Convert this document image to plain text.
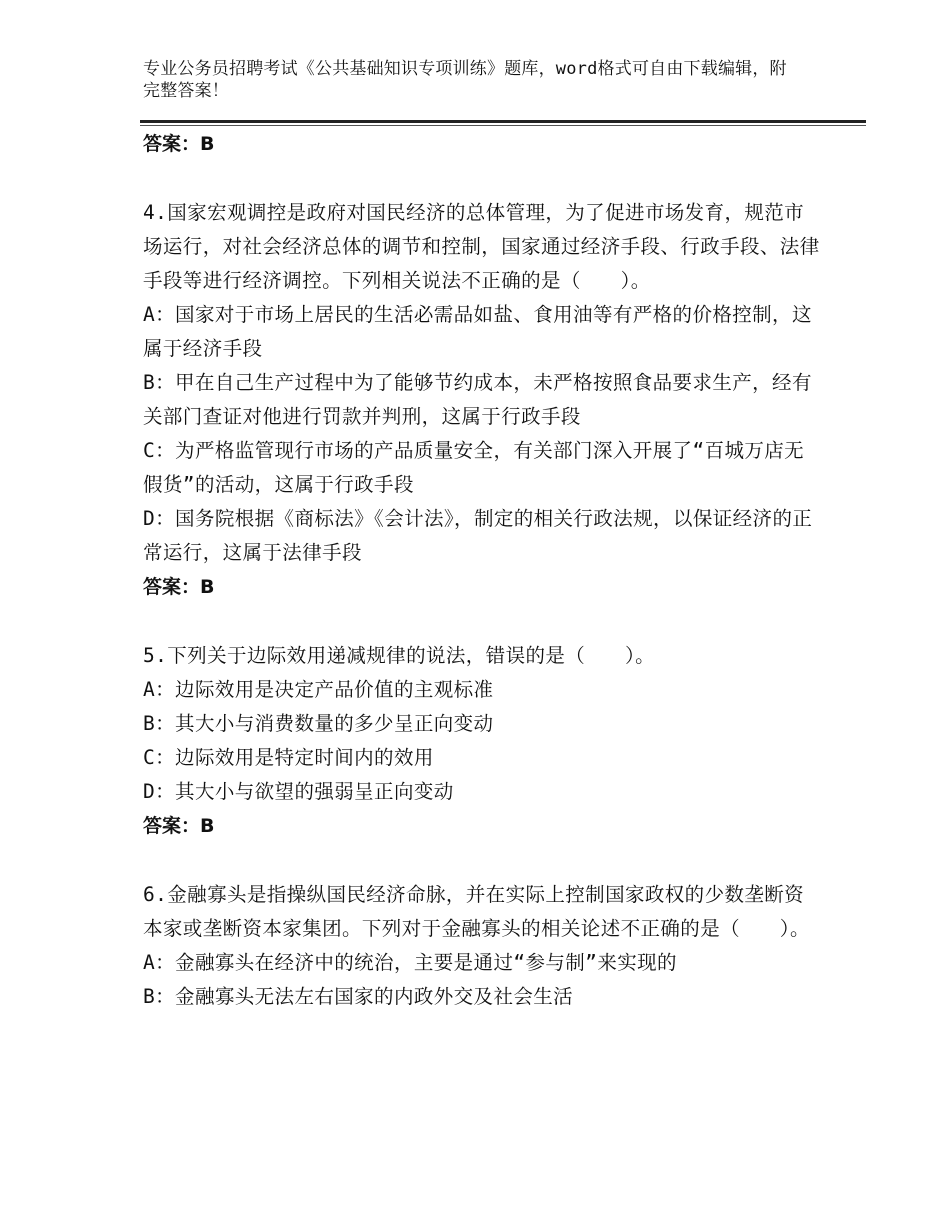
专业公务员招聘考试《公共基础知识专项训练》题库，word格式可自由下载编辑，附完整答案！
答案：B
4.国家宏观调控是政府对国民经济的总体管理，为了促进市场发育，规范市场运行，对社会经济总体的调节和控制，国家通过经济手段、行政手段、法律手段等进行经济调控。下列相关说法不正确的是（　　）。
A：国家对于市场上居民的生活必需品如盐、食用油等有严格的价格控制，这属于经济手段
B：甲在自己生产过程中为了能够节约成本，未严格按照食品要求生产，经有关部门查证对他进行罚款并判刑，这属于行政手段
C：为严格监管现行市场的产品质量安全，有关部门深入开展了“百城万店无假货”的活动，这属于行政手段
D：国务院根据《商标法》《会计法》，制定的相关行政法规，以保证经济的正常运行，这属于法律手段
答案：B
5.下列关于边际效用递减规律的说法，错误的是（　　）。
A：边际效用是决定产品价值的主观标准
B：其大小与消费数量的多少呈正向变动
C：边际效用是特定时间内的效用
D：其大小与欲望的强弱呈正向变动
答案：B
6.金融寡头是指操纵国民经济命脉，并在实际上控制国家政权的少数垄断资本家或垄断资本家集团。下列对于金融寡头的相关论述不正确的是（　　）。
A：金融寡头在经济中的统治，主要是通过“参与制”来实现的
B：金融寡头无法左右国家的内政外交及社会生活
